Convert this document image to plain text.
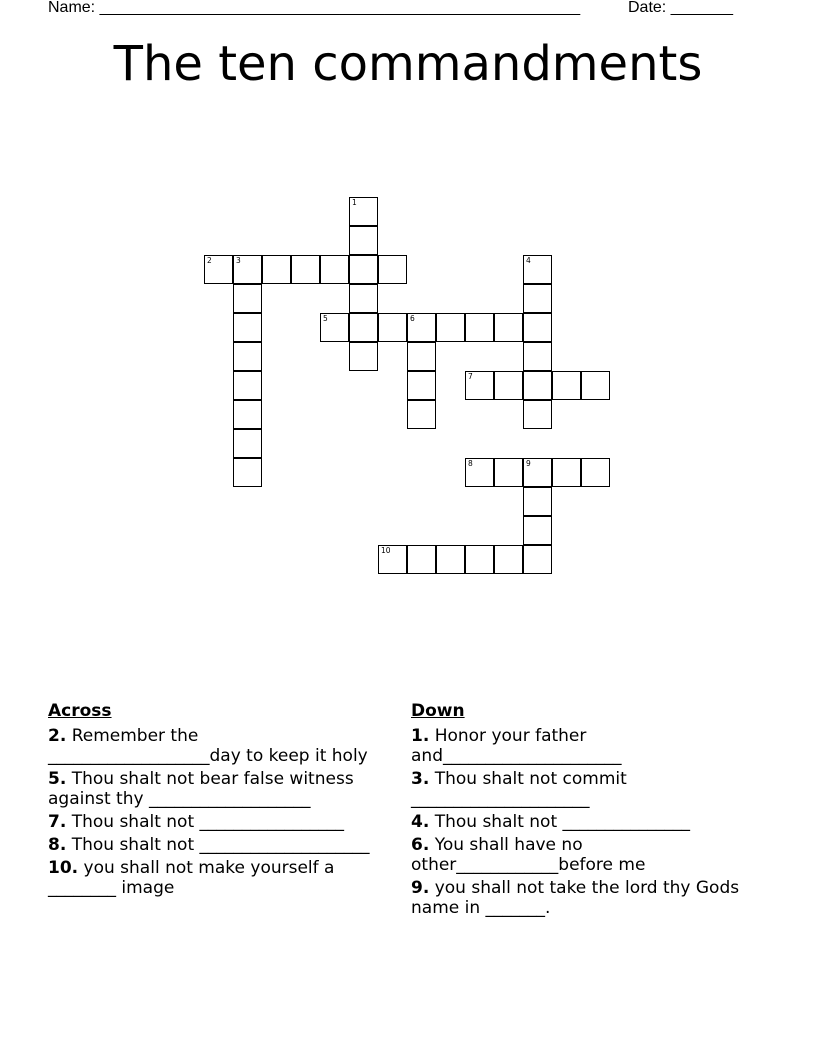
Name: ______________________________________________________	Date: _______
The ten commandments
1
2	3	4
5	6
7
8	9
10
Across
2. Remember the ___________________day to keep it holy
5. Thou shalt not bear false witness against thy ___________________
7. Thou shalt not _________________
8. Thou shalt not ____________________
10. you shall not make yourself a ________ image
Down
1. Honor your father and_____________________
3. Thou shalt not commit _____________________
4. Thou shalt not _______________
6. You shall have no other____________before me
9. you shall not take the lord thy Gods name in _______.
